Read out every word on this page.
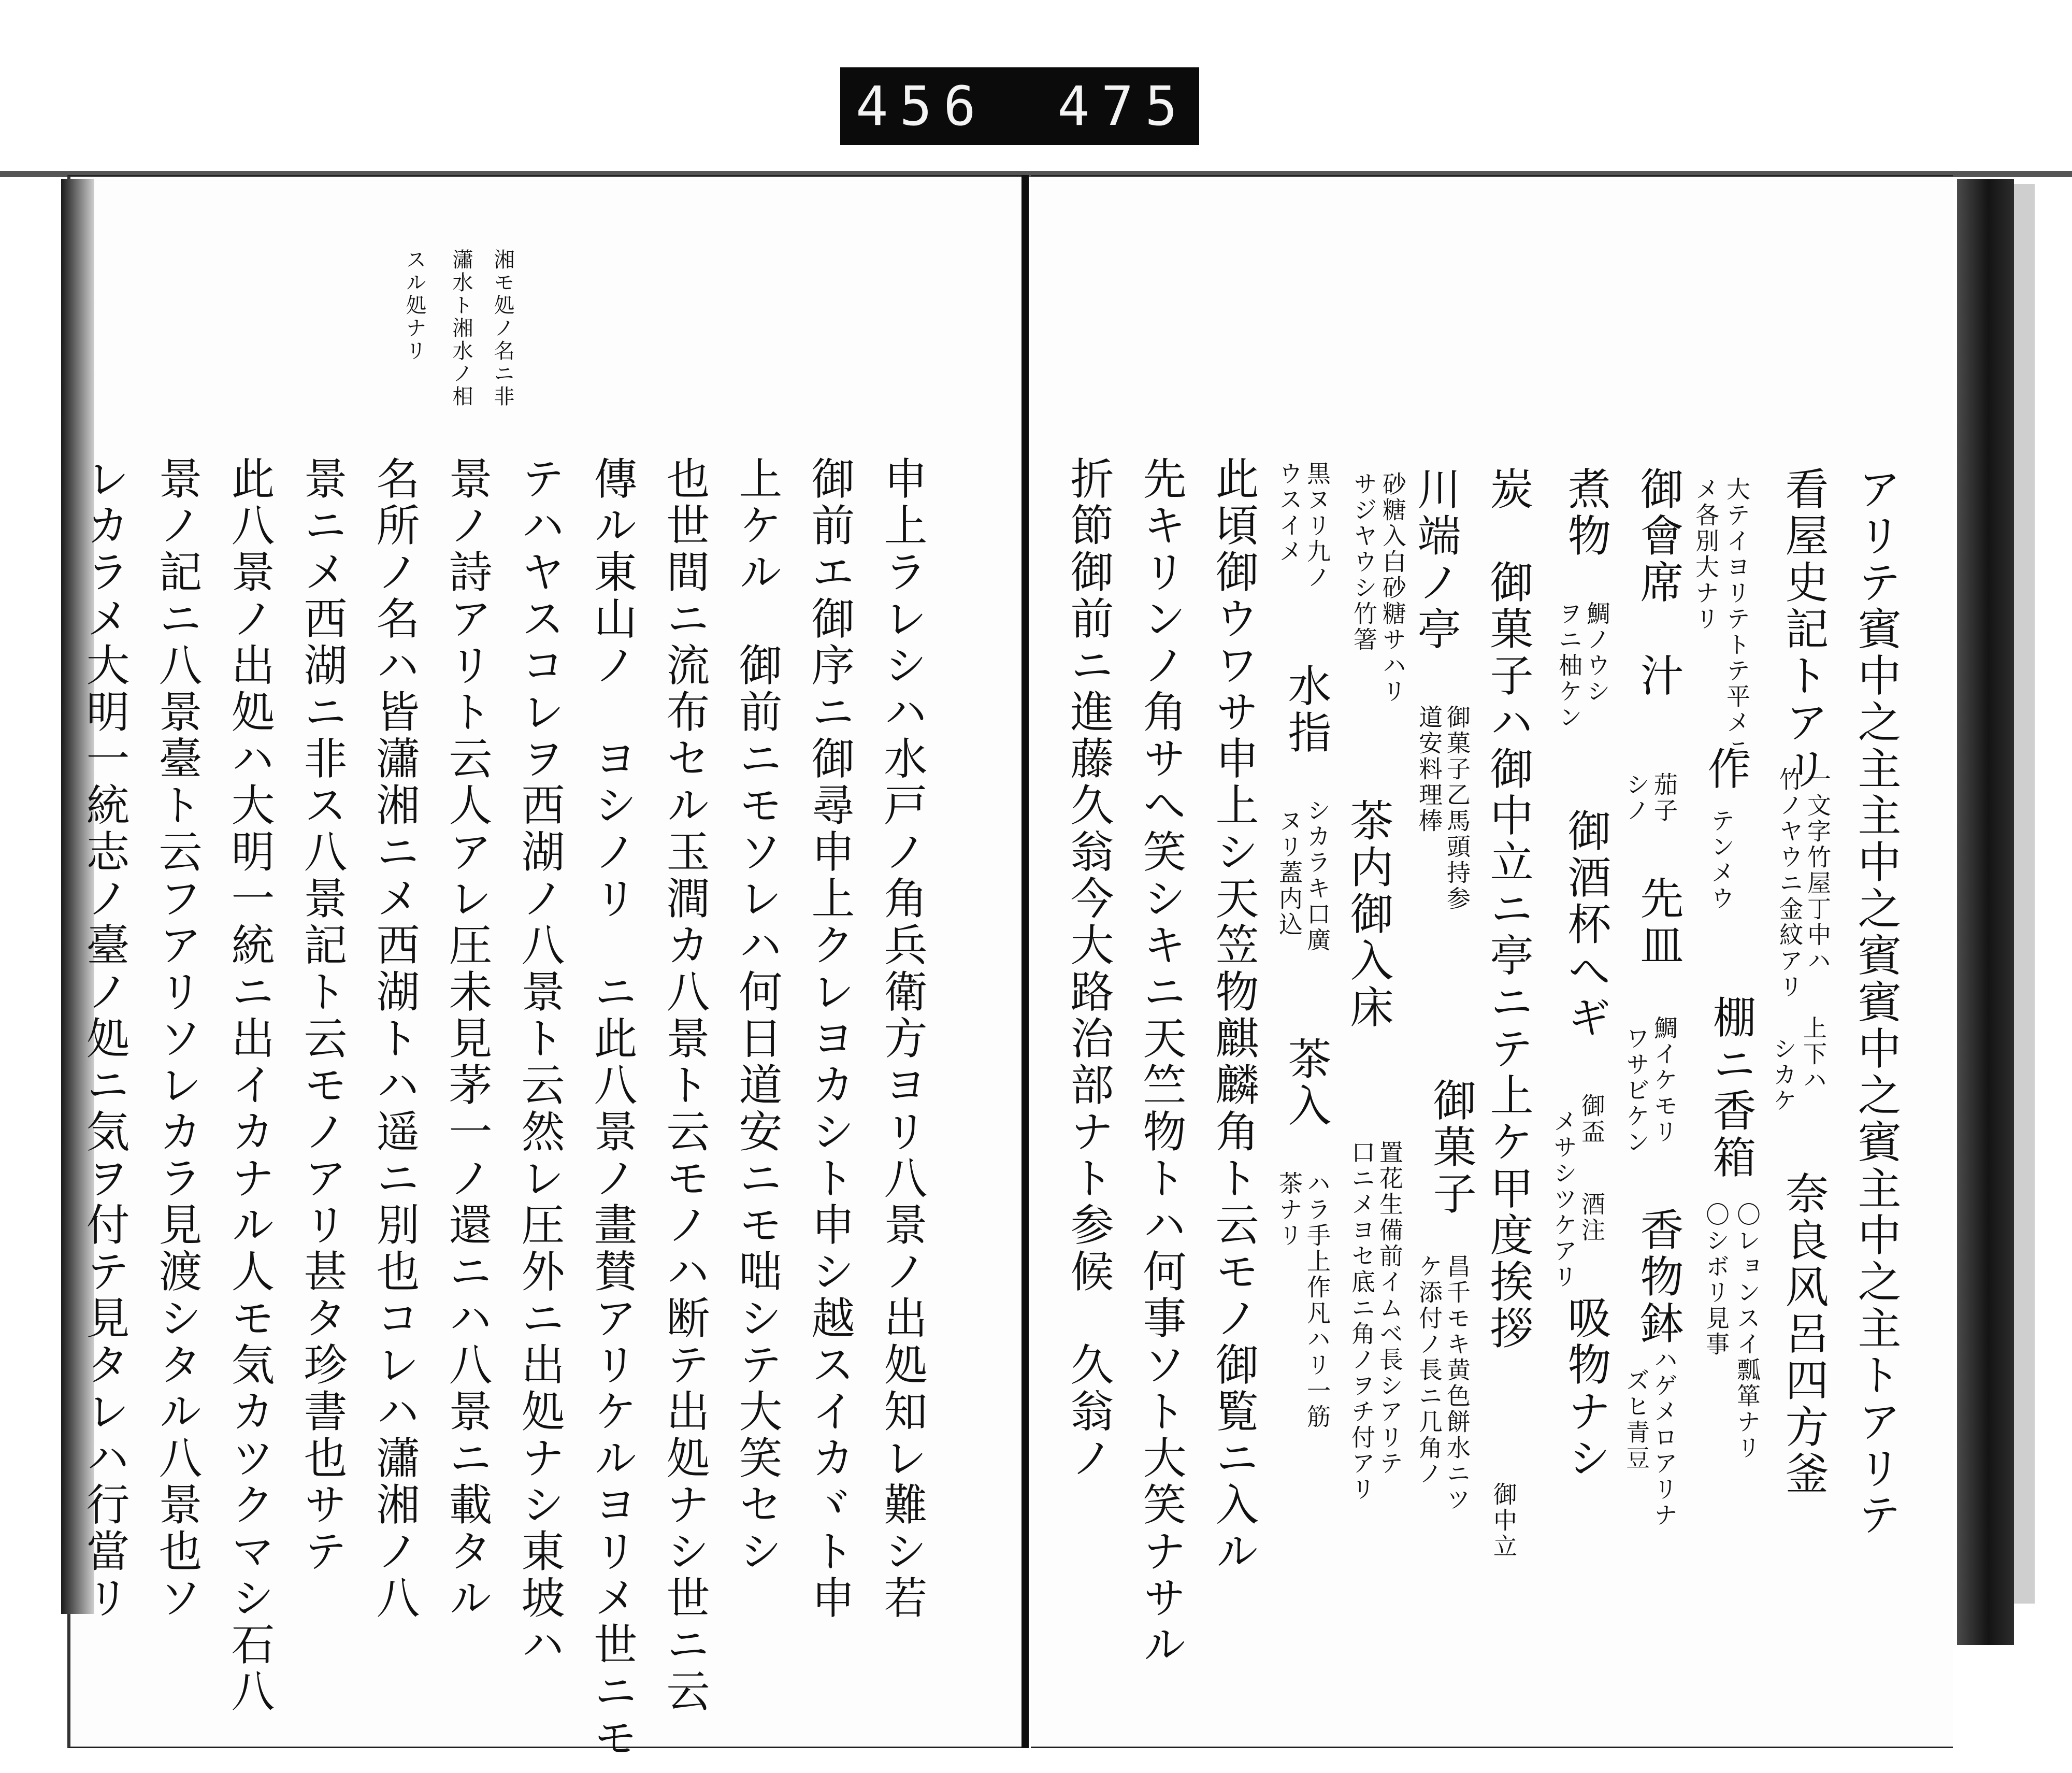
456 475
湘モ処ノ名ニ非
瀟水ト湘水ノ相
スル処ナリ
申上ラレシハ水戸ノ角兵衛方ヨリ八景ノ出処知レ難シ若
御前エ御序ニ御尋申上クレヨカシト申シ越スイカヾト申
上ケル　御前ニモソレハ何日道安ニモ咄シテ大笑セシ
也世間ニ流布セル玉澗カ八景ト云モノハ断テ出処ナシ世ニ云
傳ル東山ノ　ヨシノリ　ニ此八景ノ畫賛アリケルヨリメ世ニモ
テハヤスコレヲ西湖ノ八景ト云然レ圧外ニ出処ナシ東坡ハ
景ノ詩アリト云人アレ圧未見茅一ノ還ニハ八景ニ載タル
名所ノ名ハ皆瀟湘ニメ西湖トハ遥ニ別也コレハ瀟湘ノ八
景ニメ西湖ニ非ス八景記ト云モノアリ甚タ珍書也サテ
此八景ノ出処ハ大明一統ニ出イカナル人モ気カツクマシ石八
景ノ記ニ八景臺ト云フアリソレカラ見渡シタル八景也ソ
レカラメ大明一統志ノ臺ノ処ニ気ヲ付テ見タレハ行當リ	アリテ賓中之主主中之賓賓中之賓主中之主トアリテ
看屋史記トアリ
一文字竹屋丁中ハ
竹ノヤウニ金紋アリ
上下ハ
シカケ
奈良风呂四方釜
大テイヨリテトテ平メニ
メ各別大ナリ
作
テンメウ
棚ニ香箱
〇レョンスイ瓢箪ナリ
〇シボリ見事
御會席　汁
茄子
シノ
先皿
鯛イケモリ
ワサビケン
香物鉢
ハゲメロアリナ
ズヒ青豆
煮物
鯛ノウシ
ヲニ柚ケン
御酒杯へギ
御盃
酒注
メサシツケアリ
吸物ナシ
炭　御菓子ハ御中立ニ亭ニテ上ケ甲度挨拶
御中立
川端ノ亭
御菓子乙馬頭持参
道安料理棒
御菓子
昌千モキ黄色餅水ニツ
ケ添付ノ長ニ几角ノ
砂糖入白砂糖サハリ
サジヤウシ竹箸
茶内御入床
置花生備前イムベ長シアリテ
口ニメヨセ底ニ角ノヲチ付アリ
黒ヌリ九ノ
ウスイメ
水指
シカラキ口廣
ヌリ蓋内込
茶入
ハラ手上作凡ハリ一筋
茶ナリ
此頃御ウワサ申上シ天笠物麒麟角ト云モノ御覧ニ入ル
先キリンノ角サへ笑シキニ天竺物トハ何事ソト大笑ナサル
折節御前ニ進藤久翁今大路治部ナト参候　久翁ノ
